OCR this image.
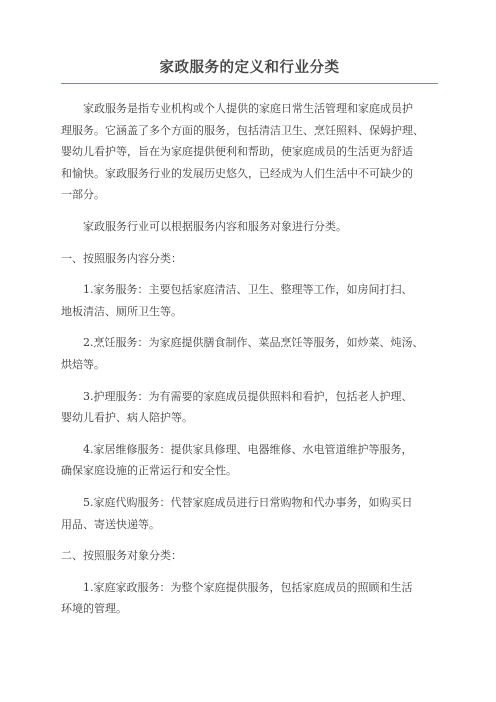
家政服务的定义和行业分类

家政服务是指专业机构或个人提供的家庭日常生活管理和家庭成员护
理服务。它涵盖了多个方面的服务，包括清洁卫生、烹饪照料、保姆护理、
婴幼儿看护等，旨在为家庭提供便利和帮助，使家庭成员的生活更为舒适
和愉快。家政服务行业的发展历史悠久，已经成为人们生活中不可缺少的
一部分。

家政服务行业可以根据服务内容和服务对象进行分类。

一、按照服务内容分类：

1.家务服务：主要包括家庭清洁、卫生、整理等工作，如房间打扫、
地板清洁、厕所卫生等。

2.烹饪服务：为家庭提供膳食制作、菜品烹饪等服务，如炒菜、炖汤、
烘焙等。

3.护理服务：为有需要的家庭成员提供照料和看护，包括老人护理、
婴幼儿看护、病人陪护等。

4.家居维修服务：提供家具修理、电器维修、水电管道维护等服务，
确保家庭设施的正常运行和安全性。

5.家庭代购服务：代替家庭成员进行日常购物和代办事务，如购买日
用品、寄送快递等。

二、按照服务对象分类：

1.家庭家政服务：为整个家庭提供服务，包括家庭成员的照顾和生活
环境的管理。
